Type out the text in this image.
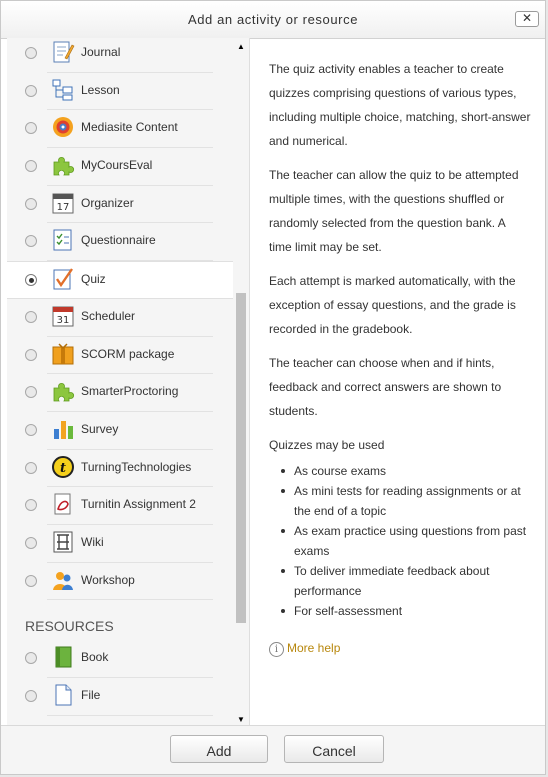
Add an activity or resource	✕
Journal
Lesson
Mediasite Content
MyCoursEval
17 Organizer
Questionnaire
Quiz
31 Scheduler
SCORM package
SmarterProctoring
Survey
t TurningTechnologies
Turnitin Assignment 2
Wiki
Workshop
RESOURCES
Book
File
▲
▼

The quiz activity enables a teacher to create quizzes comprising questions of various types, including multiple choice, matching, short-answer and numerical.

The teacher can allow the quiz to be attempted multiple times, with the questions shuffled or randomly selected from the question bank. A time limit may be set.

Each attempt is marked automatically, with the exception of essay questions, and the grade is recorded in the gradebook.

The teacher can choose when and if hints, feedback and correct answers are shown to students.

Quizzes may be used

As course exams
As mini tests for reading assignments or at the end of a topic
As exam practice using questions from past exams
To deliver immediate feedback about performance
For self-assessment
i More help
Add	Cancel
